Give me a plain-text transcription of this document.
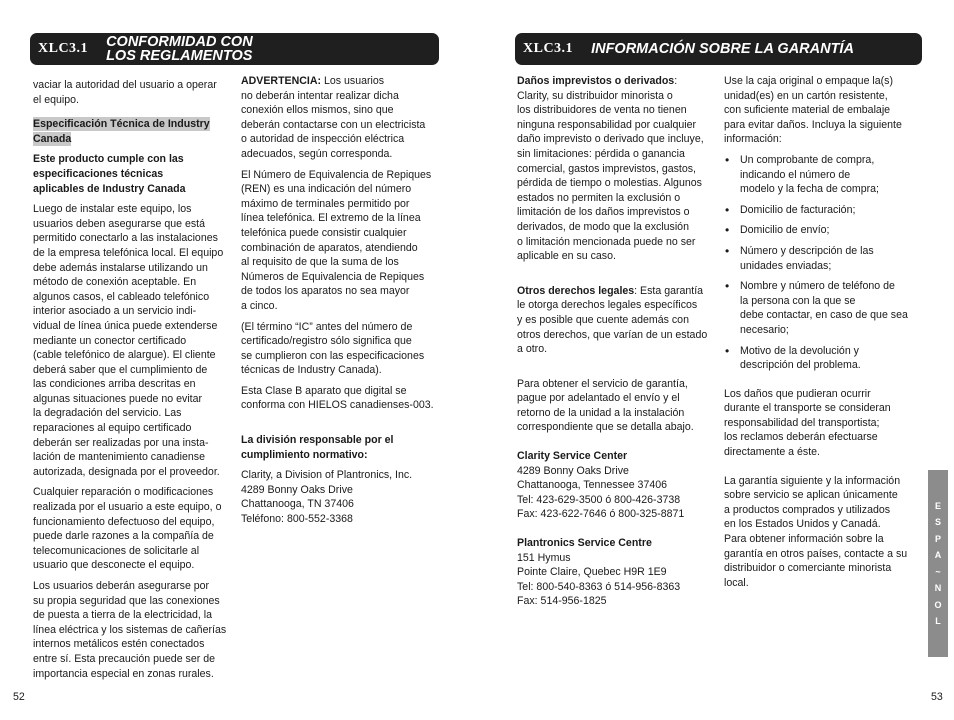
XLC3.1 CONFORMIDAD CON
LOS REGLAMENTOS	XLC3.1 INFORMACIÓN SOBRE LA GARANTÍA

vaciar la autoridad del usuario a operar
el equipo.

Especificación Técnica de Industry
Canada

Este producto cumple con las
especificaciones técnicas
aplicables de Industry Canada

Luego de instalar este equipo, los
usuarios deben asegurarse que está
permitido conectarlo a las instalaciones
de la empresa telefónica local. El equipo
debe además instalarse utilizando un
método de conexión aceptable. En
algunos casos, el cableado telefónico
interior asociado a un servicio indi-
vidual de línea única puede extenderse
mediante un conector certificado
(cable telefónico de alargue). El cliente
deberá saber que el cumplimiento de
las condiciones arriba descritas en
algunas situaciones puede no evitar
la degradación del servicio. Las
reparaciones al equipo certificado
deberán ser realizadas por una insta-
lación de mantenimiento canadiense
autorizada, designada por el proveedor.

Cualquier reparación o modificaciones
realizada por el usuario a este equipo, o
funcionamiento defectuoso del equipo,
puede darle razones a la compañía de
telecomunicaciones de solicitarle al
usuario que desconecte el equipo.

Los usuarios deberán asegurarse por
su propia seguridad que las conexiones
de puesta a tierra de la electricidad, la
línea eléctrica y los sistemas de cañerías
internos metálicos estén conectados
entre sí. Esta precaución puede ser de
importancia especial en zonas rurales.

ADVERTENCIA: Los usuarios
no deberán intentar realizar dicha
conexión ellos mismos, sino que
deberán contactarse con un electricista
o autoridad de inspección eléctrica
adecuados, según corresponda.

El Número de Equivalencia de Repiques
(REN) es una indicación del número
máximo de terminales permitido por
línea telefónica. El extremo de la línea
telefónica puede consistir cualquier
combinación de aparatos, atendiendo
al requisito de que la suma de los
Números de Equivalencia de Repiques
de todos los aparatos no sea mayor
a cinco.

(El término “IC” antes del número de
certificado/registro sólo significa que
se cumplieron con las especificaciones
técnicas de Industry Canada).

Esta Clase B aparato que digital se
conforma con HIELOS canadienses-003.

La división responsable por el
cumplimiento normativo:

Clarity, a Division of Plantronics, Inc.
4289 Bonny Oaks Drive
Chattanooga, TN 37406
Teléfono: 800-552-3368

Daños imprevistos o derivados:
Clarity, su distribuidor minorista o
los distribuidores de venta no tienen
ninguna responsabilidad por cualquier
daño imprevisto o derivado que incluye,
sin limitaciones: pérdida o ganancia
comercial, gastos imprevistos, gastos,
pérdida de tiempo o molestias. Algunos
estados no permiten la exclusión o
limitación de los daños imprevistos o
derivados, de modo que la exclusión
o limitación mencionada puede no ser
aplicable en su caso.

Otros derechos legales: Esta garantía
le otorga derechos legales específicos
y es posible que cuente además con
otros derechos, que varían de un estado
a otro.

Para obtener el servicio de garantía,
pague por adelantado el envío y el
retorno de la unidad a la instalación
correspondiente que se detalla abajo.

Clarity Service Center
4289 Bonny Oaks Drive
Chattanooga, Tennessee 37406
Tel: 423-629-3500 ó 800-426-3738
Fax: 423-622-7646 ó 800-325-8871

Plantronics Service Centre
151 Hymus
Pointe Claire, Quebec H9R 1E9
Tel: 800-540-8363 ó 514-956-8363
Fax: 514-956-1825

Use la caja original o empaque la(s)
unidad(es) en un cartón resistente,
con suficiente material de embalaje
para evitar daños. Incluya la siguiente
información:

• Un comprobante de compra,
indicando el número de
modelo y la fecha de compra;
• Domicilio de facturación;
• Domicilio de envío;
• Número y descripción de las
unidades enviadas;
• Nombre y número de teléfono de
la persona con la que se
debe contactar, en caso de que sea
necesario;
• Motivo de la devolución y
descripción del problema.

Los daños que pudieran ocurrir
durante el transporte se consideran
responsabilidad del transportista;
los reclamos deberán efectuarse
directamente a éste.

La garantía siguiente y la información
sobre servicio se aplican únicamente
a productos comprados y utilizados
en los Estados Unidos y Canadá.
Para obtener información sobre la
garantía en otros países, contacte a su
distribuidor o comerciante minorista
local.

E
S
P
A
~
N
O
L
52	53
